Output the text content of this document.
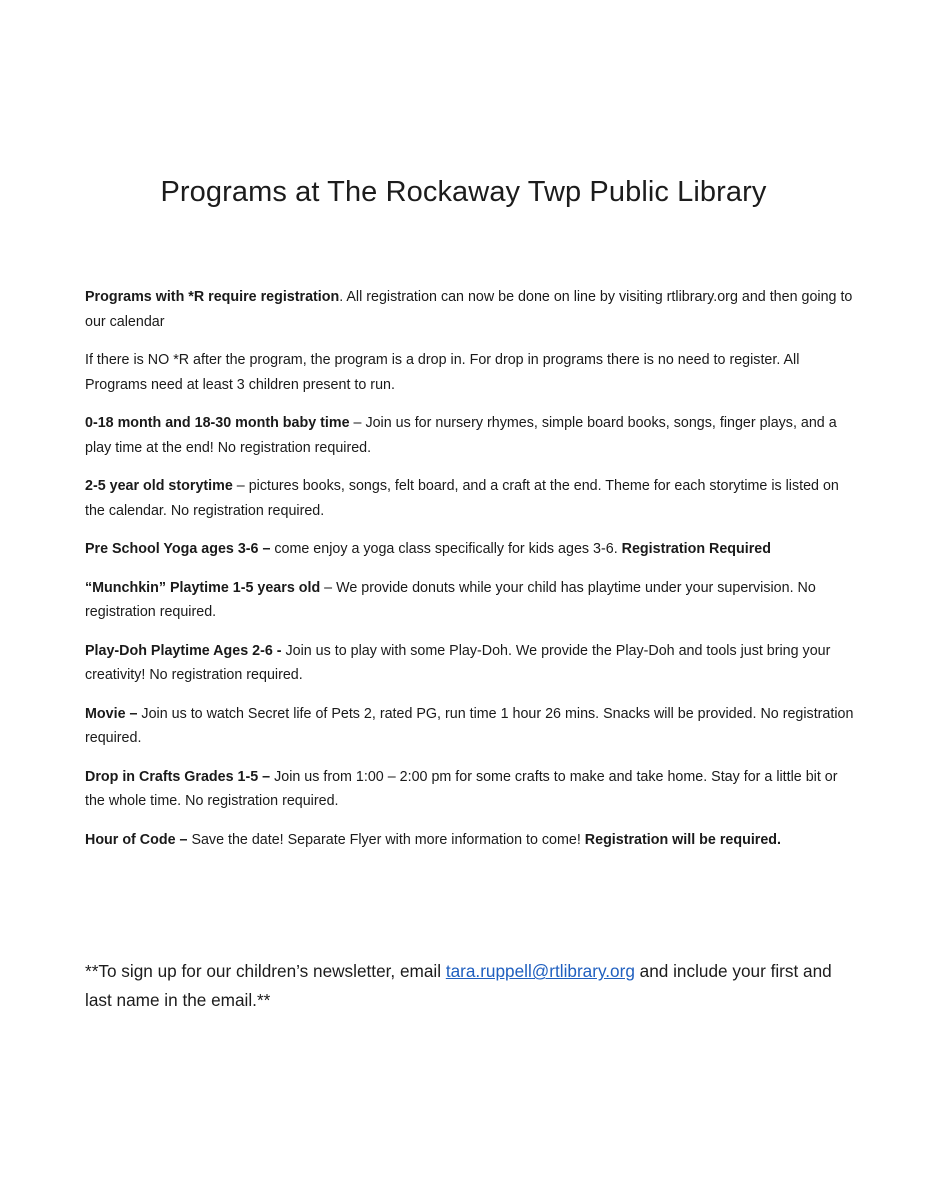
Programs at The Rockaway Twp Public Library

Programs with *R require registration. All registration can now be done on line by visiting rtlibrary.org and then going to our calendar

If there is NO *R after the program, the program is a drop in. For drop in programs there is no need to register. All Programs need at least 3 children present to run.

0-18 month and 18-30 month baby time – Join us for nursery rhymes, simple board books, songs, finger plays, and a play time at the end! No registration required.

2-5 year old storytime – pictures books, songs, felt board, and a craft at the end. Theme for each storytime is listed on the calendar. No registration required.

Pre School Yoga ages 3-6 – come enjoy a yoga class specifically for kids ages 3-6. Registration Required

“Munchkin” Playtime 1-5 years old – We provide donuts while your child has playtime under your supervision. No registration required.

Play-Doh Playtime Ages 2-6 - Join us to play with some Play-Doh. We provide the Play-Doh and tools just bring your creativity! No registration required.

Movie – Join us to watch Secret life of Pets 2, rated PG, run time 1 hour 26 mins. Snacks will be provided. No registration required.

Drop in Crafts Grades 1-5 – Join us from 1:00 – 2:00 pm for some crafts to make and take home. Stay for a little bit or the whole time. No registration required.

Hour of Code – Save the date! Separate Flyer with more information to come! Registration will be required.

**To sign up for our children’s newsletter, email tara.ruppell@rtlibrary.org and include your first and last name in the email.**
